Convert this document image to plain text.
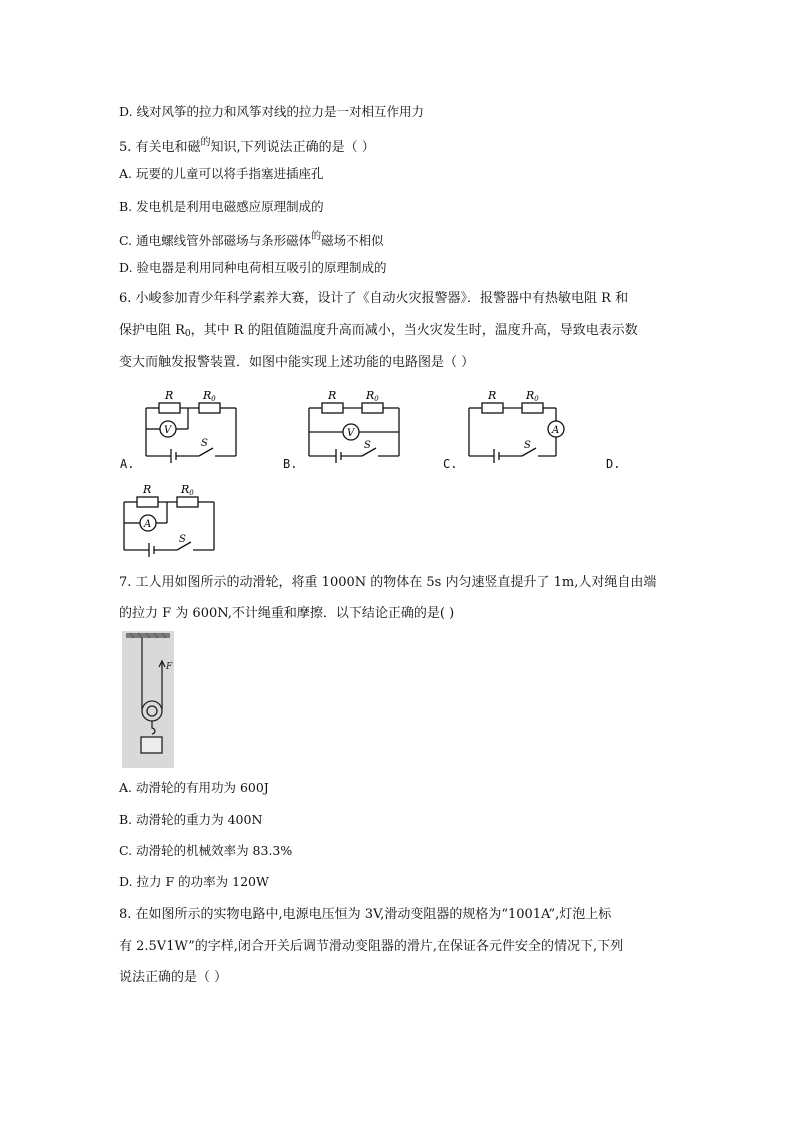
D. 线对风筝的拉力和风筝对线的拉力是一对相互作用力
5. 有关电和磁$^的$知识,下列说法正确的是（ ）
A. 玩要的儿童可以将手指塞进插座孔
B. 发电机是利用电磁感应原理制成的
C. 通电螺线管外部磁场与条形磁体$^的$磁场不相似
D. 验电器是利用同种电荷相互吸引的原理制成的
6. 小峻参加青少年科学素养大赛，设计了《自动火灾报警器》．报警器中有热敏电阻 R 和
保护电阻 $R_0$，其中 R 的阻值随温度升高而减小，当火灾发生时，温度升高，导致电表示数
变大而触发报警装置．如图中能实现上述功能的电路图是（ ）
R	R0
V
S
A.
R	R0
V
S
B.
R	R0
A
S
C.	D.
R	R0
A
S
7. 工人用如图所示的动滑轮，将重 1000N 的物体在 5s 内匀速竖直提升了 1m,人对绳自由端
的拉力 F 为 600N,不计绳重和摩擦．以下结论正确的是( )
F
A. 动滑轮的有用功为 600J
B. 动滑轮的重力为 400N
C. 动滑轮的机械效率为 83.3%
D. 拉力 F 的功率为 120W
8. 在如图所示的实物电路中,电源电压恒为 3V,滑动变阻器的规格为“1001A”,灯泡上标
有 2.5V1W”的字样,闭合开关后调节滑动变阻器的滑片,在保证各元件安全的情况下,下列
说法正确的是（ ）
